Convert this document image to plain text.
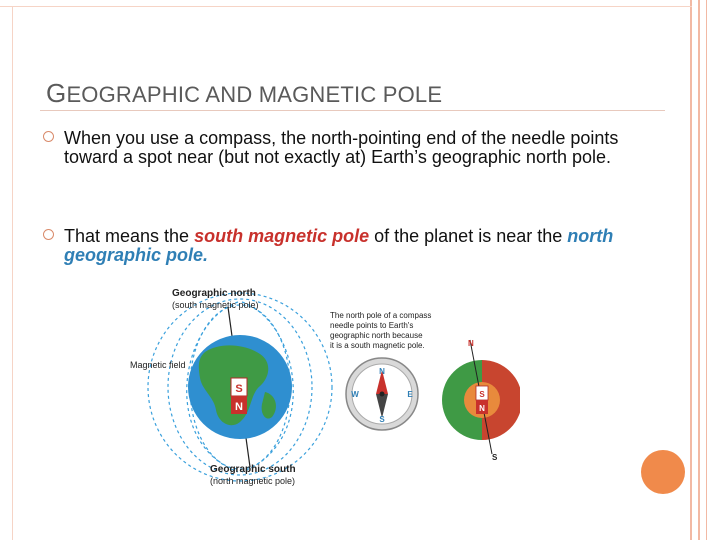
GEOGRAPHIC AND MAGNETIC POLE
When you use a compass, the north-pointing end of the needle points toward a spot near (but not exactly at) Earth’s geographic north pole.
That means the south magnetic pole of the planet is near the north geographic pole.
S
N
Geographic north
(south magnetic pole)
Magnetic field
Geographic south
(north magnetic pole)
The north pole of a compass
needle points to Earth's
geographic north because
it is a south magnetic pole.
N
S
E
W	S
N
N
S
